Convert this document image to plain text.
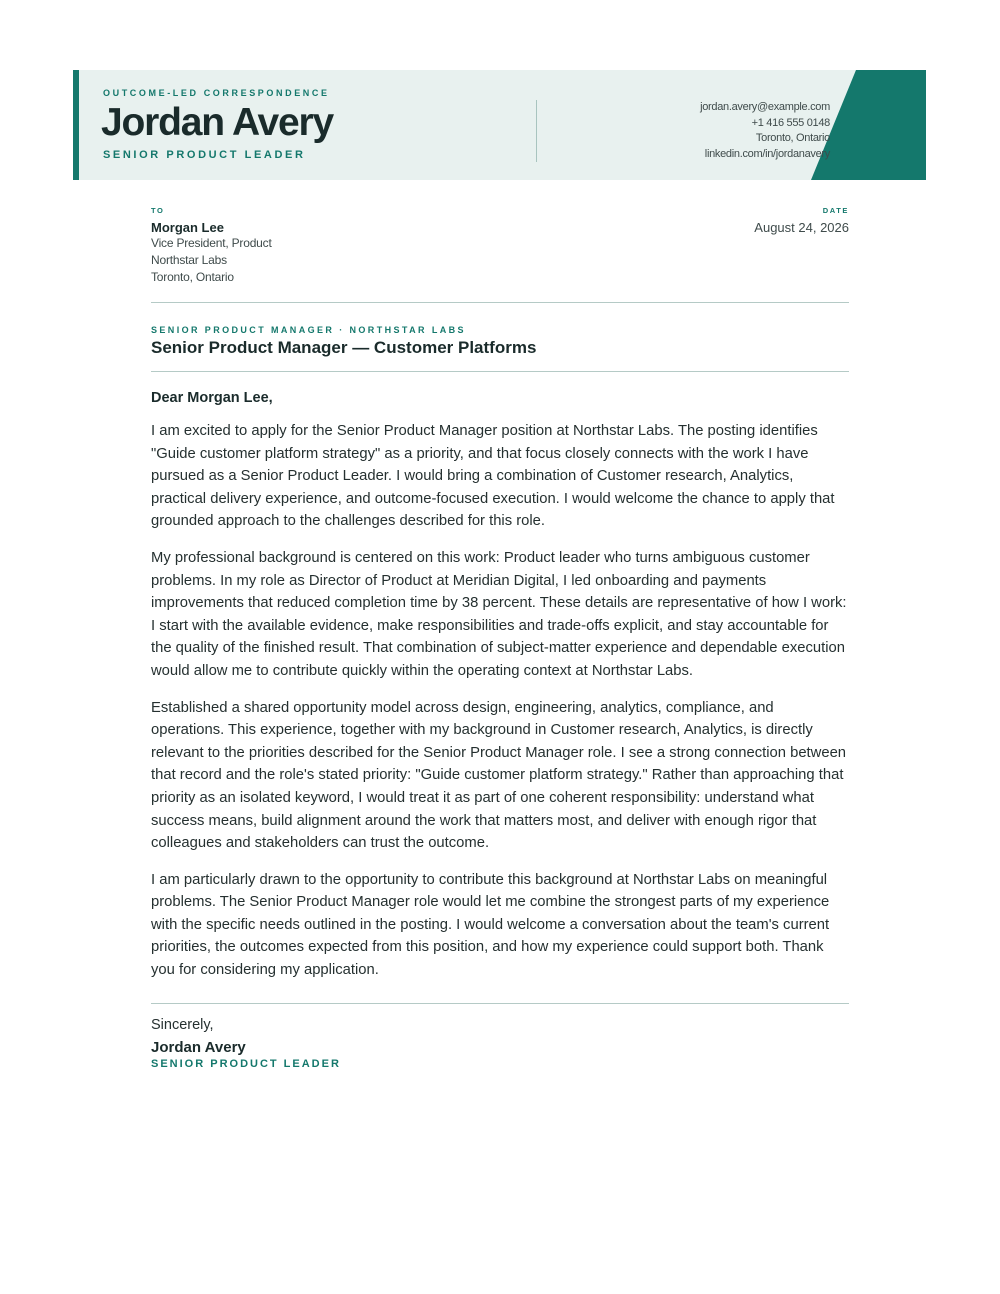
OUTCOME-LED CORRESPONDENCE
Jordan Avery
SENIOR PRODUCT LEADER
jordan.avery@example.com
+1 416 555 0148
Toronto, Ontario
linkedin.com/in/jordanavery
TO
Morgan Lee
Vice President, Product
Northstar Labs
Toronto, Ontario
DATE
August 24, 2026
SENIOR PRODUCT MANAGER · NORTHSTAR LABS
Senior Product Manager — Customer Platforms
Dear Morgan Lee,
I am excited to apply for the Senior Product Manager position at Northstar Labs. The posting identifies "Guide customer platform strategy" as a priority, and that focus closely connects with the work I have pursued as a Senior Product Leader. I would bring a combination of Customer research, Analytics, practical delivery experience, and outcome-focused execution. I would welcome the chance to apply that grounded approach to the challenges described for this role.
My professional background is centered on this work: Product leader who turns ambiguous customer problems. In my role as Director of Product at Meridian Digital, I led onboarding and payments improvements that reduced completion time by 38 percent. These details are representative of how I work: I start with the available evidence, make responsibilities and trade-offs explicit, and stay accountable for the quality of the finished result. That combination of subject-matter experience and dependable execution would allow me to contribute quickly within the operating context at Northstar Labs.
Established a shared opportunity model across design, engineering, analytics, compliance, and operations. This experience, together with my background in Customer research, Analytics, is directly relevant to the priorities described for the Senior Product Manager role. I see a strong connection between that record and the role's stated priority: "Guide customer platform strategy." Rather than approaching that priority as an isolated keyword, I would treat it as part of one coherent responsibility: understand what success means, build alignment around the work that matters most, and deliver with enough rigor that colleagues and stakeholders can trust the outcome.
I am particularly drawn to the opportunity to contribute this background at Northstar Labs on meaningful problems. The Senior Product Manager role would let me combine the strongest parts of my experience with the specific needs outlined in the posting. I would welcome a conversation about the team's current priorities, the outcomes expected from this position, and how my experience could support both. Thank you for considering my application.
Sincerely,
Jordan Avery
SENIOR PRODUCT LEADER
